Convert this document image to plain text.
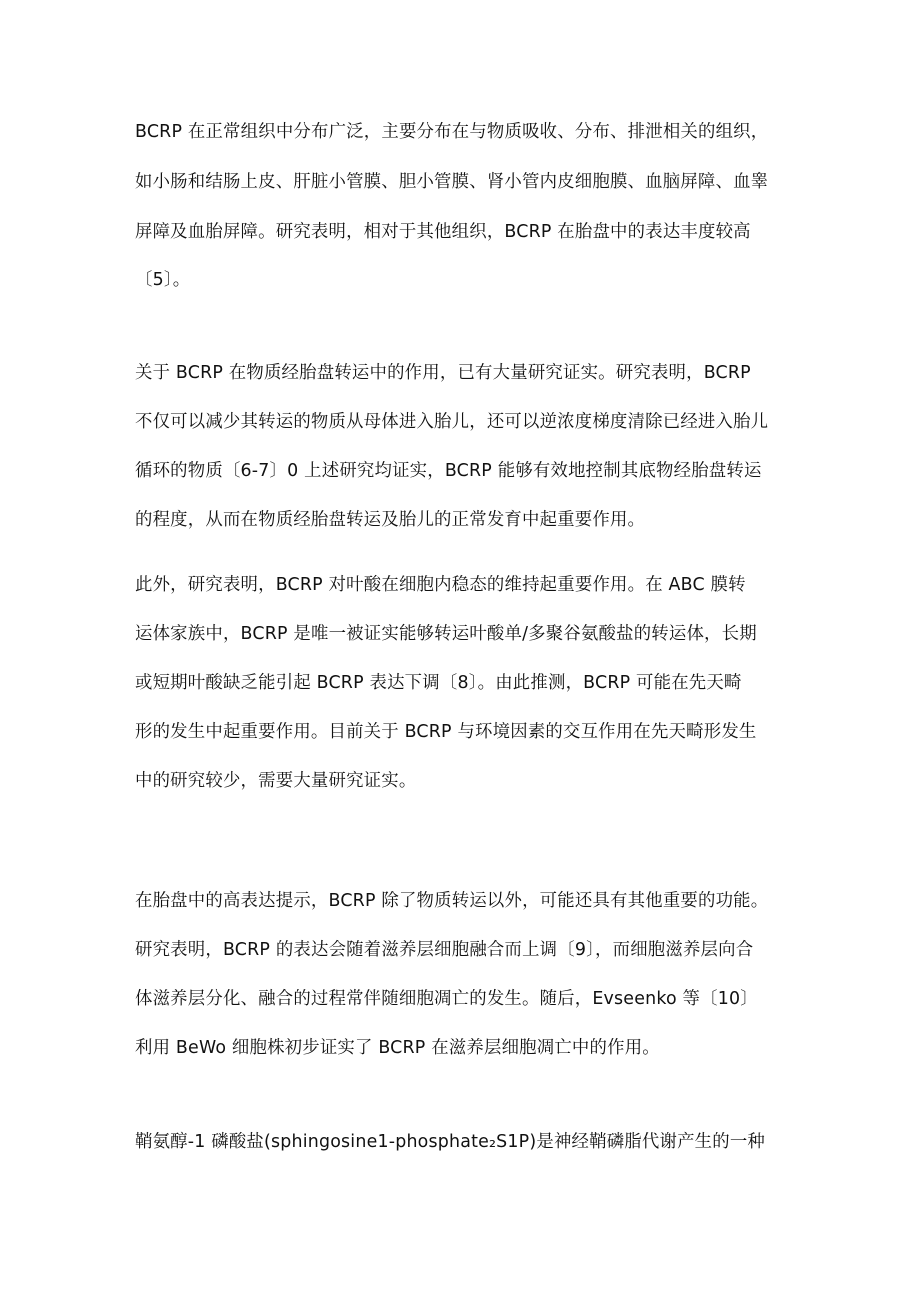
BCRP 在正常组织中分布广泛，主要分布在与物质吸收、分布、排泄相关的组织，
如小肠和结肠上皮、肝脏小管膜、胆小管膜、肾小管内皮细胞膜、血脑屏障、血睾
屏障及血胎屏障。研究表明，相对于其他组织，BCRP 在胎盘中的表达丰度较高
〔5〕。
关于 BCRP 在物质经胎盘转运中的作用，已有大量研究证实。研究表明，BCRP
不仅可以减少其转运的物质从母体进入胎儿，还可以逆浓度梯度清除已经进入胎儿
循环的物质〔6-7〕0 上述研究均证实，BCRP 能够有效地控制其底物经胎盘转运
的程度，从而在物质经胎盘转运及胎儿的正常发育中起重要作用。
此外，研究表明，BCRP 对叶酸在细胞内稳态的维持起重要作用。在 ABC 膜转
运体家族中，BCRP 是唯一被证实能够转运叶酸单/多聚谷氨酸盐的转运体，长期
或短期叶酸缺乏能引起 BCRP 表达下调〔8〕。由此推测，BCRP 可能在先天畸
形的发生中起重要作用。目前关于 BCRP 与环境因素的交互作用在先天畸形发生
中的研究较少，需要大量研究证实。
在胎盘中的高表达提示，BCRP 除了物质转运以外，可能还具有其他重要的功能。
研究表明，BCRP 的表达会随着滋养层细胞融合而上调〔9〕，而细胞滋养层向合
体滋养层分化、融合的过程常伴随细胞凋亡的发生。随后，Evseenko 等〔10〕
利用 BeWo 细胞株初步证实了 BCRP 在滋养层细胞凋亡中的作用。
鞘氨醇-1 磷酸盐(sphingosine1-phosphate₂S1P)是神经鞘磷脂代谢产生的一种
